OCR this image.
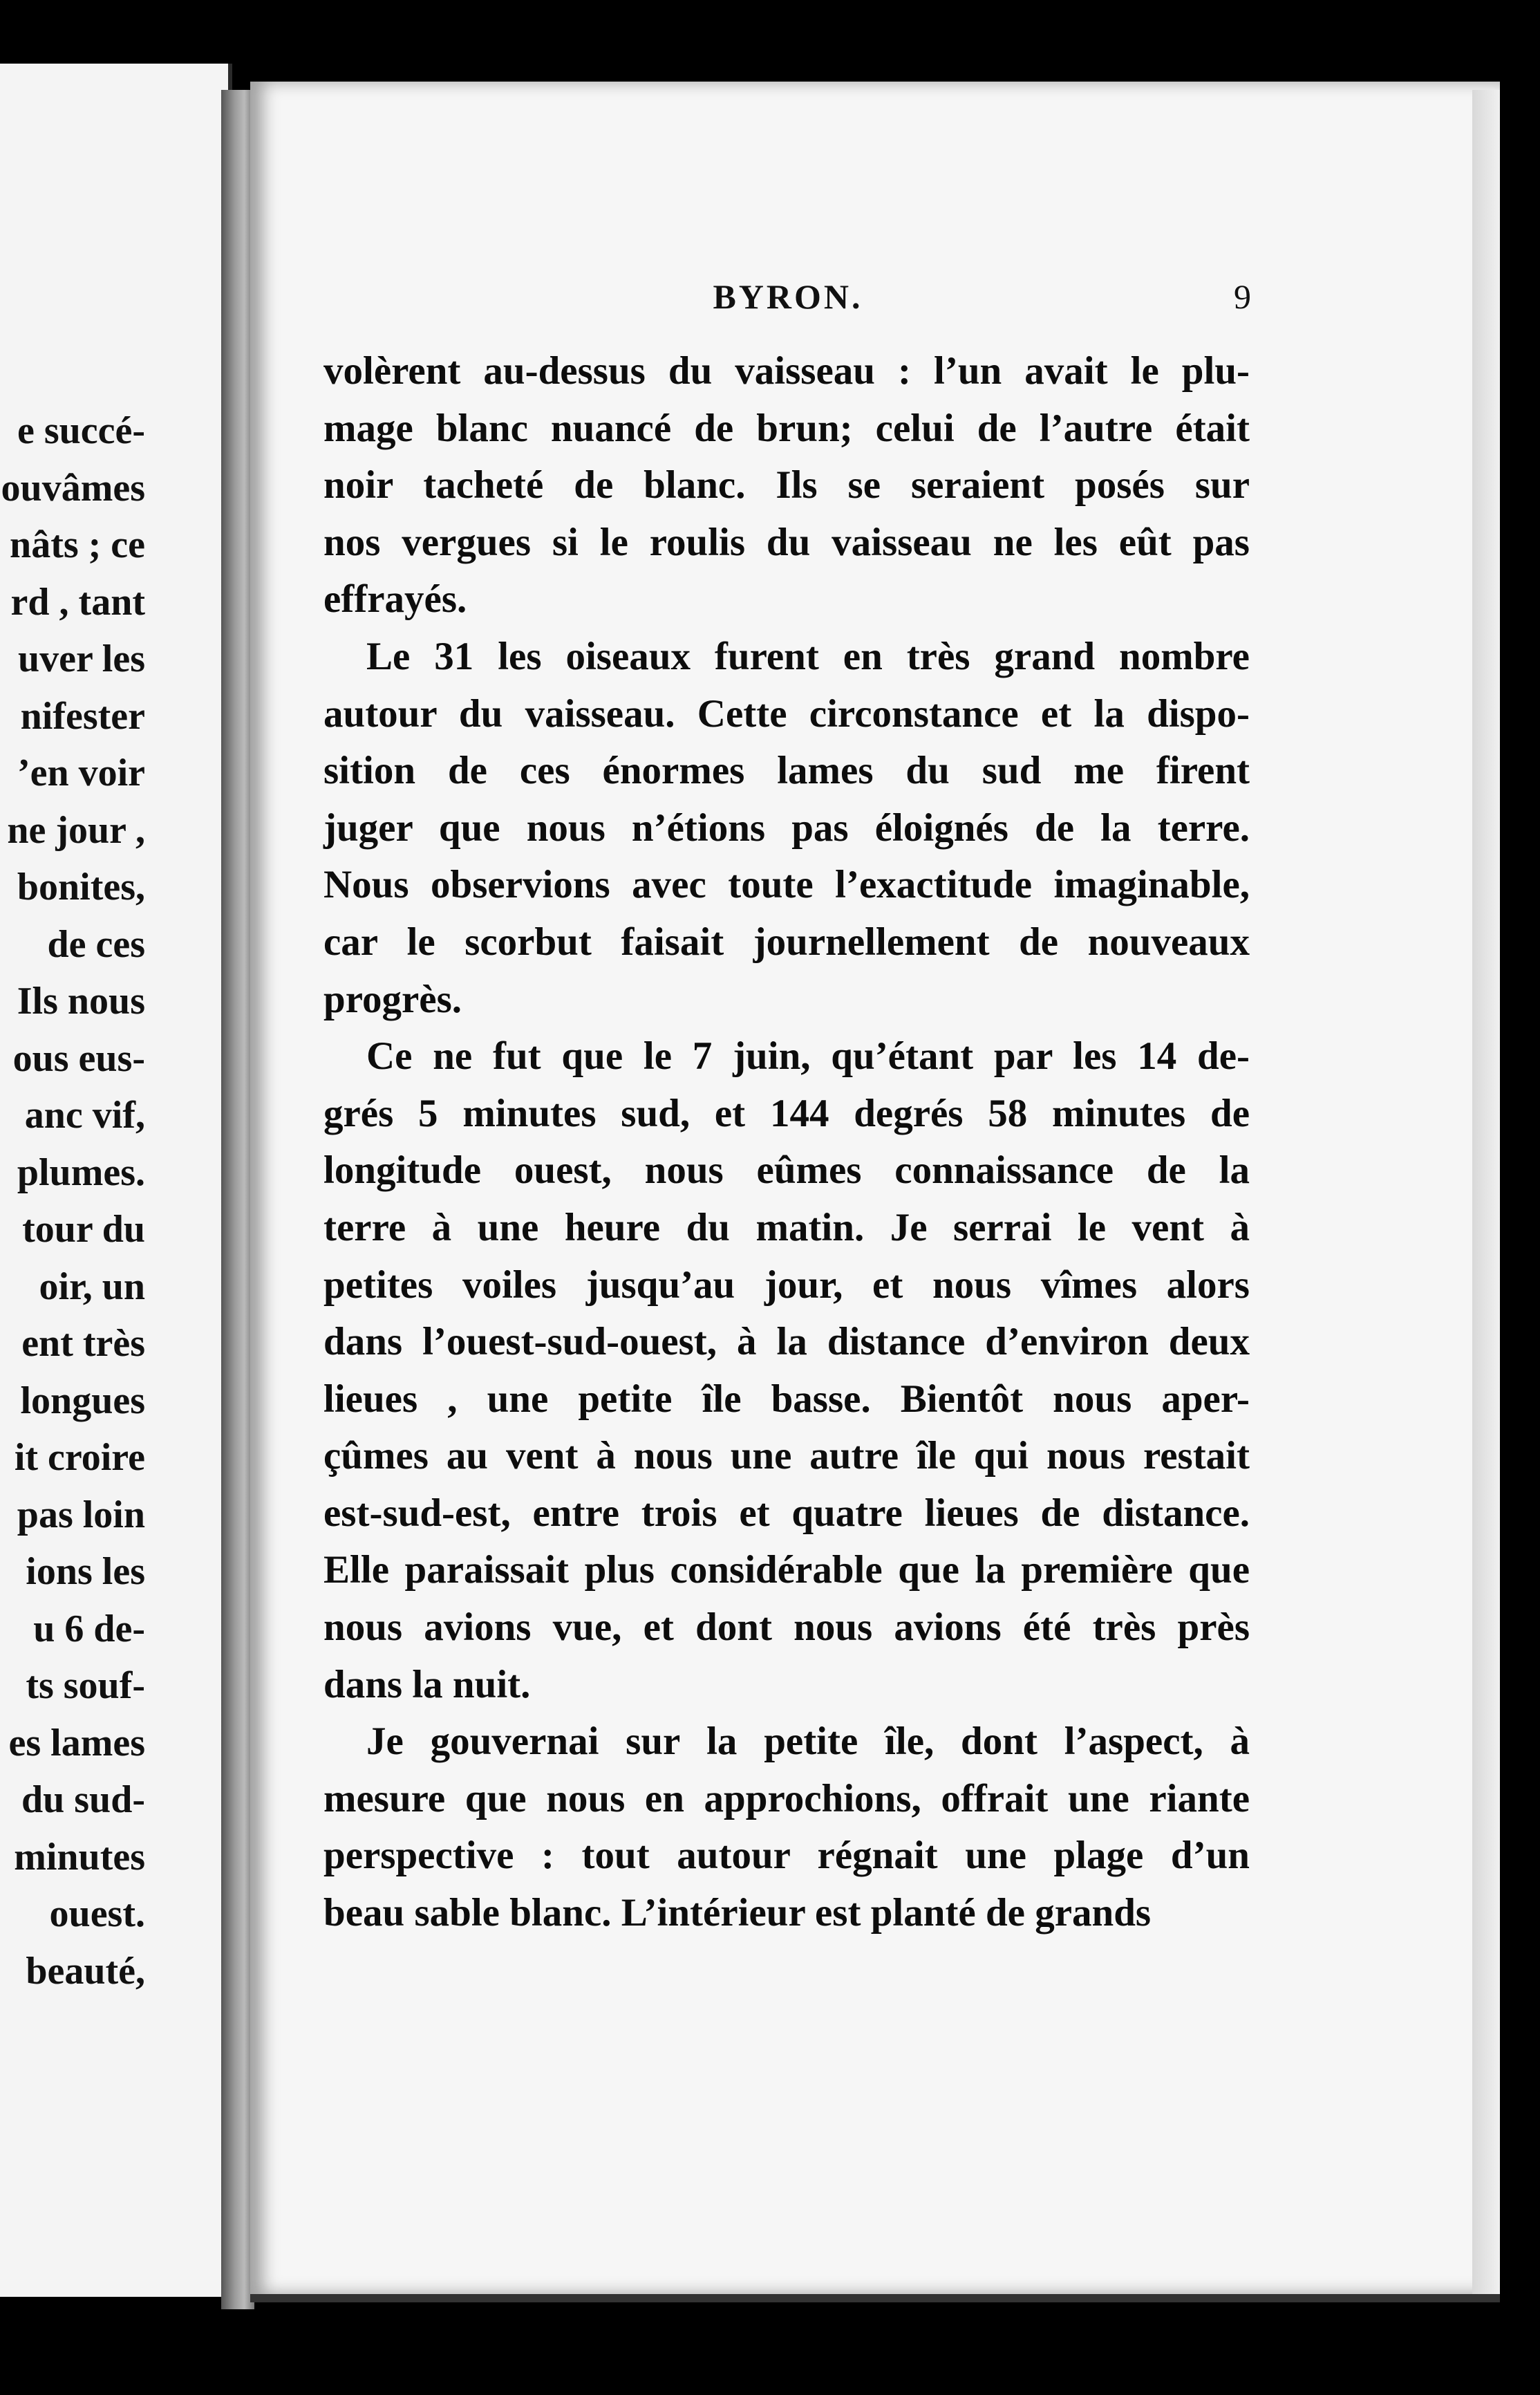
e succé-
ouvâmes
nâts ; ce
rd , tant
uver les
nifester
’en voir
ne jour ,
bonites,
de ces
Ils nous
ous eus-
anc vif,
plumes.
tour du
oir, un
ent très
longues
it croire
pas loin
ions les
u 6 de-
ts souf-
es lames
du sud-
minutes
ouest.
beauté,
BYRON.	9

volèrent au-dessus du vaisseau : l’un avait le plu-
mage blanc nuancé de brun; celui de l’autre était
noir tacheté de blanc. Ils se seraient posés sur
nos vergues si le roulis du vaisseau ne les eût pas
effrayés.

Le 31 les oiseaux furent en très grand nombre
autour du vaisseau. Cette circonstance et la dispo-
sition de ces énormes lames du sud me firent
juger que nous n’étions pas éloignés de la terre.
Nous observions avec toute l’exactitude imaginable,
car le scorbut faisait journellement de nouveaux
progrès.

Ce ne fut que le 7 juin, qu’étant par les 14 de-
grés 5 minutes sud, et 144 degrés 58 minutes de
longitude ouest, nous eûmes connaissance de la
terre à une heure du matin. Je serrai le vent à
petites voiles jusqu’au jour, et nous vîmes alors
dans l’ouest-sud-ouest, à la distance d’environ deux
lieues , une petite île basse. Bientôt nous aper-
çûmes au vent à nous une autre île qui nous restait
est-sud-est, entre trois et quatre lieues de distance.
Elle paraissait plus considérable que la première que
nous avions vue, et dont nous avions été très près
dans la nuit.

Je gouvernai sur la petite île, dont l’aspect, à
mesure que nous en approchions, offrait une riante
perspective : tout autour régnait une plage d’un
beau sable blanc. L’intérieur est planté de grands
